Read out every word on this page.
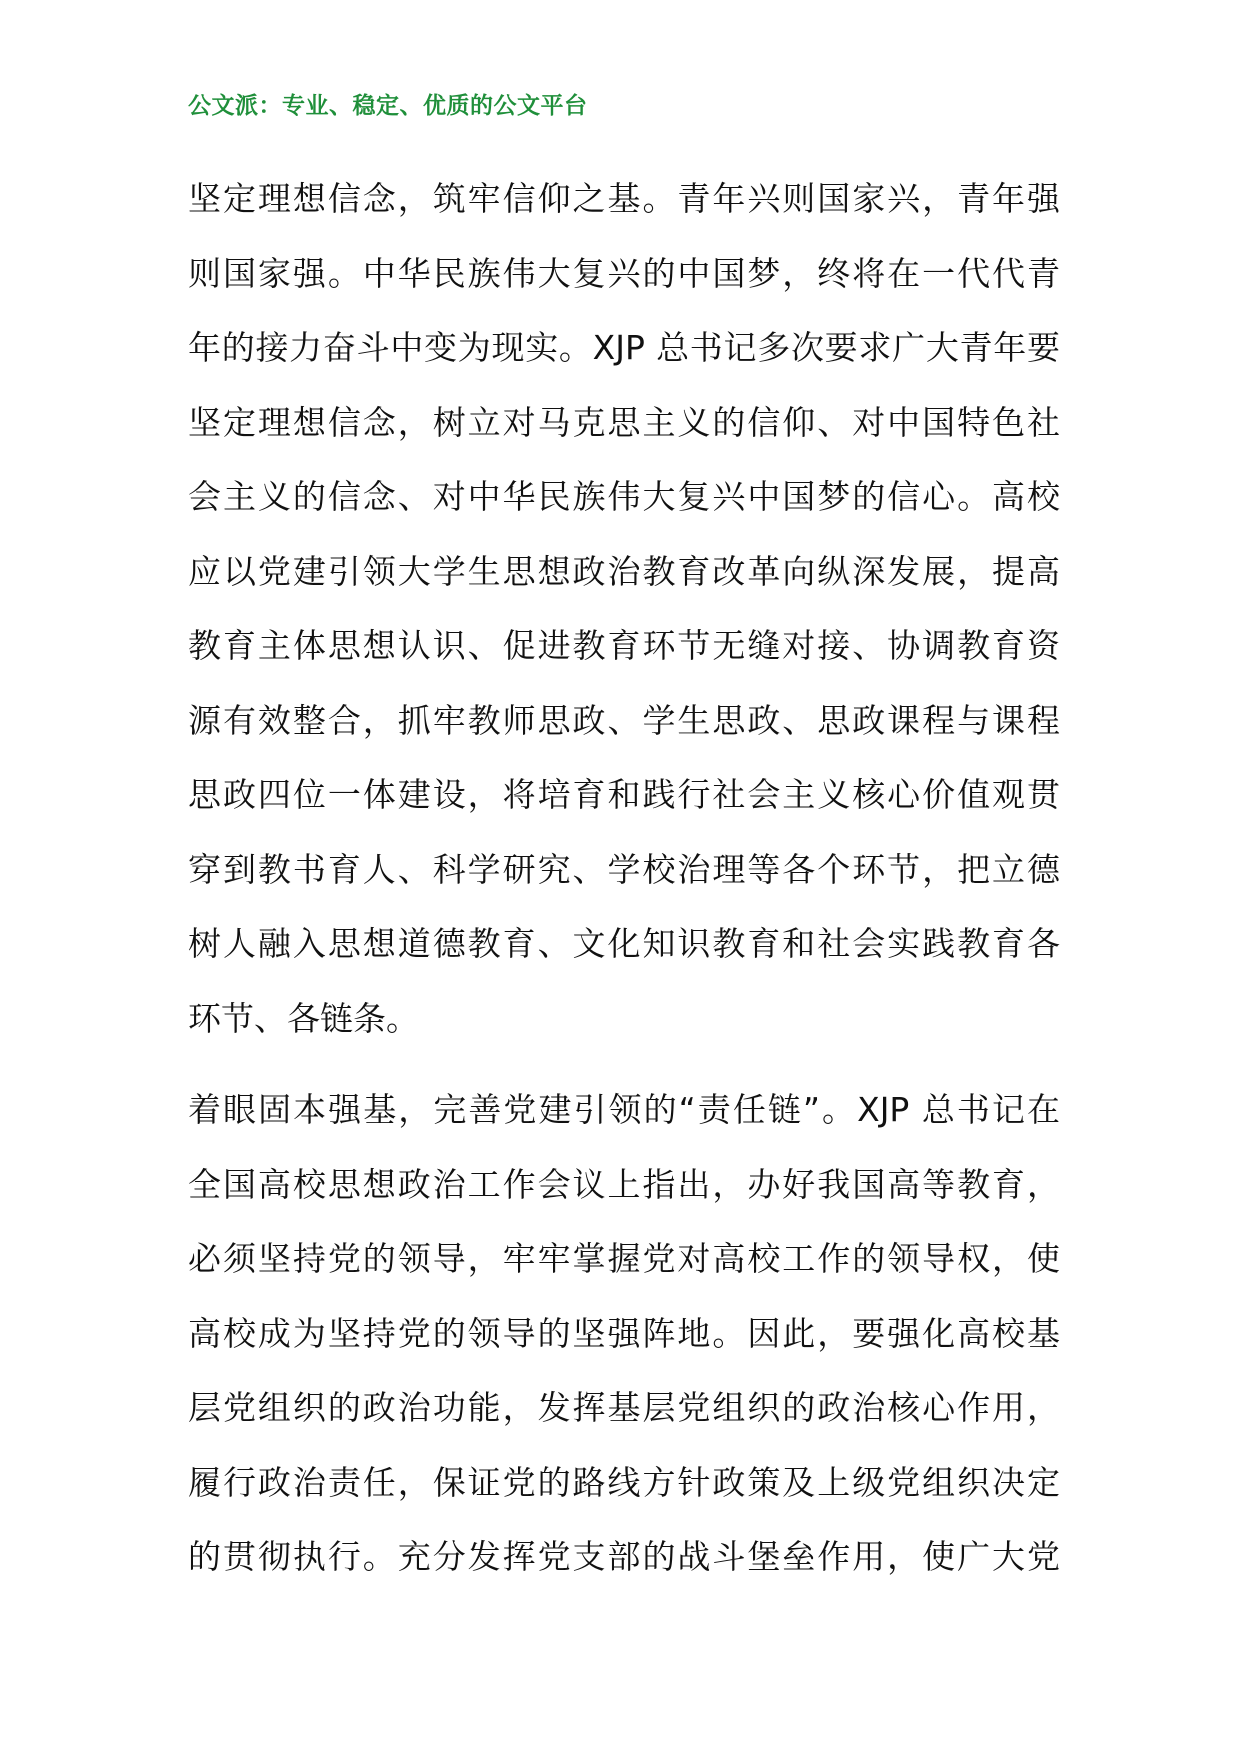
公文派：专业、稳定、优质的公文平台
坚定理想信念，筑牢信仰之基。青年兴则国家兴，青年强
则国家强。中华民族伟大复兴的中国梦，终将在一代代青
年的接力奋斗中变为现实。XJP 总书记多次要求广大青年要
坚定理想信念，树立对马克思主义的信仰、对中国特色社
会主义的信念、对中华民族伟大复兴中国梦的信心。高校
应以党建引领大学生思想政治教育改革向纵深发展，提高
教育主体思想认识、促进教育环节无缝对接、协调教育资
源有效整合，抓牢教师思政、学生思政、思政课程与课程
思政四位一体建设，将培育和践行社会主义核心价值观贯
穿到教书育人、科学研究、学校治理等各个环节，把立德
树人融入思想道德教育、文化知识教育和社会实践教育各
环节、各链条。
着眼固本强基，完善党建引领的“责任链”。XJP 总书记在
全国高校思想政治工作会议上指出，办好我国高等教育，
必须坚持党的领导，牢牢掌握党对高校工作的领导权，使
高校成为坚持党的领导的坚强阵地。因此，要强化高校基
层党组织的政治功能，发挥基层党组织的政治核心作用，
履行政治责任，保证党的路线方针政策及上级党组织决定
的贯彻执行。充分发挥党支部的战斗堡垒作用，使广大党
